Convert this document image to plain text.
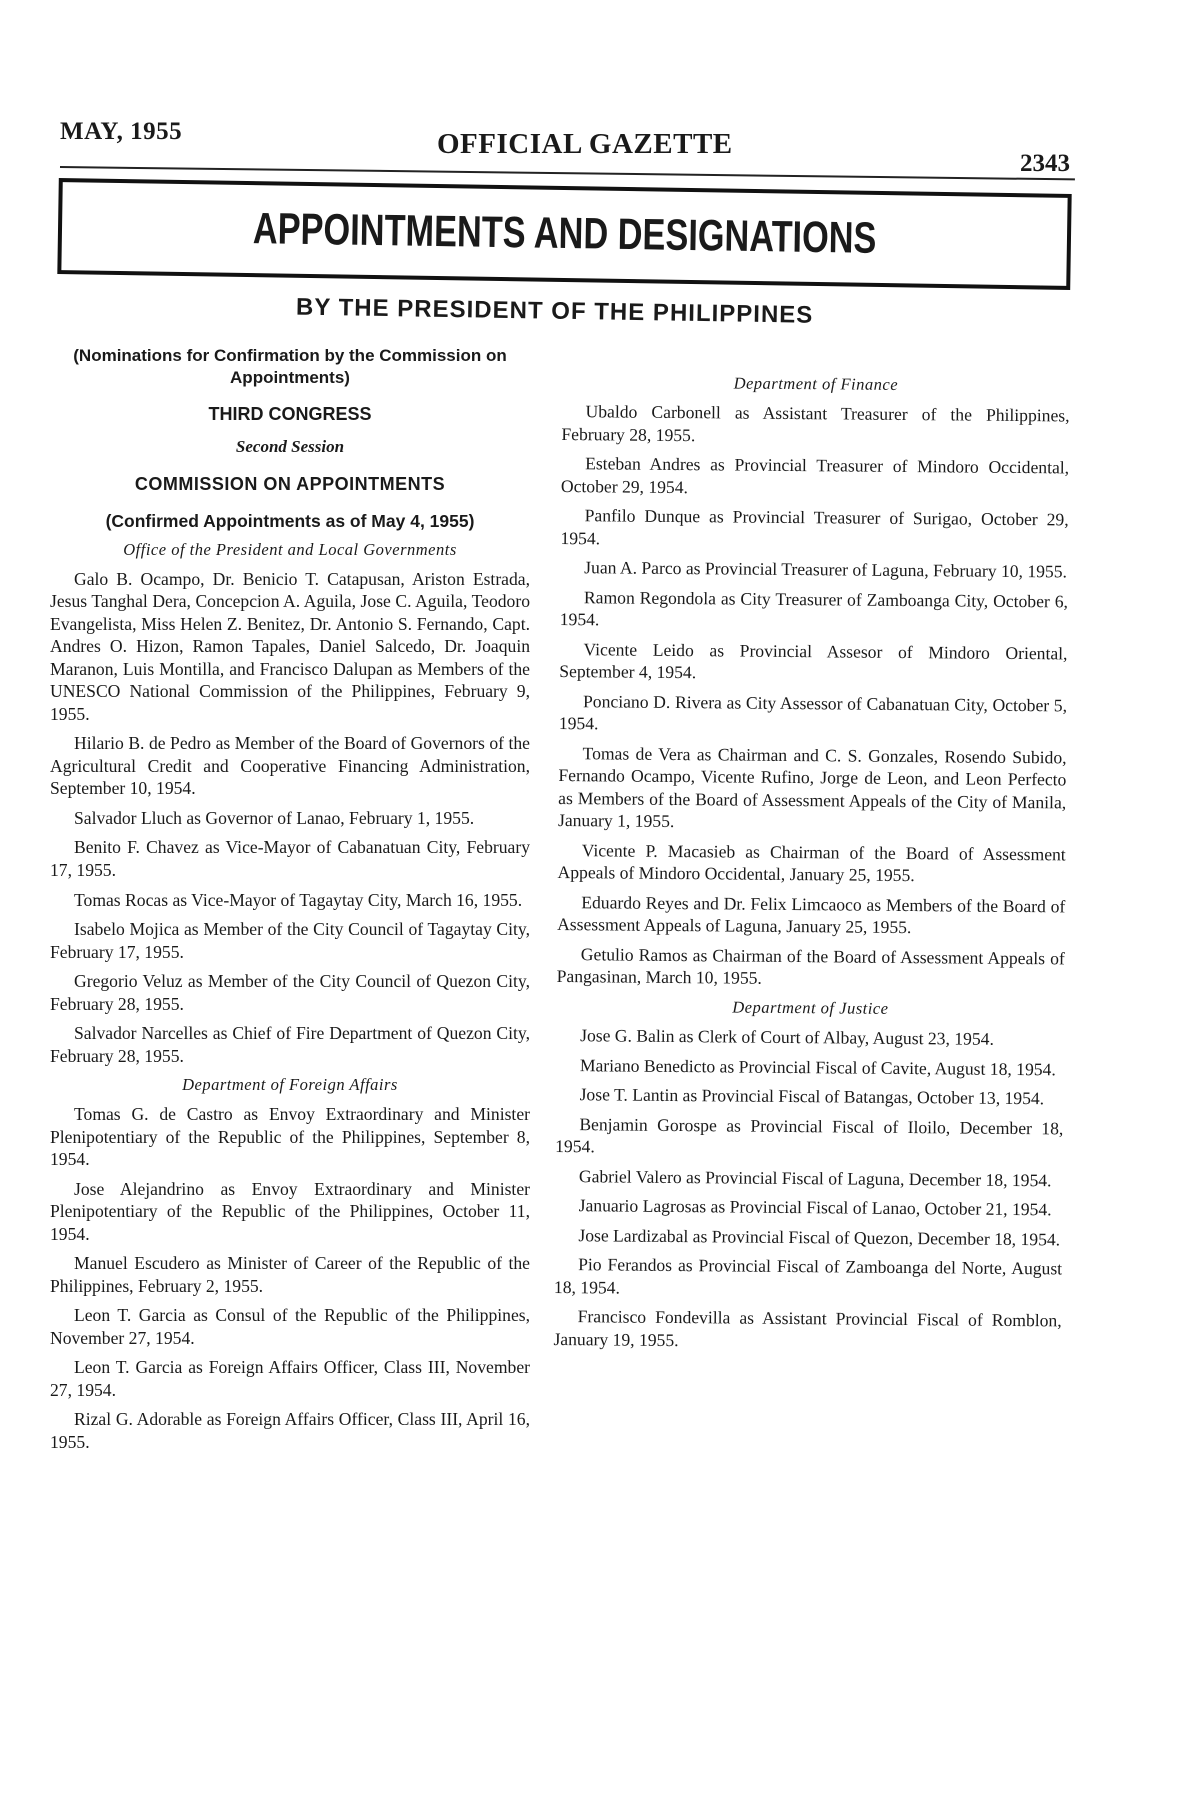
MAY, 1955	OFFICIAL GAZETTE
2343
APPOINTMENTS AND DESIGNATIONS
BY THE PRESIDENT OF THE PHILIPPINES
(Nominations for Confirmation by the Commission on Appointments)
THIRD CONGRESS
Second Session
COMMISSION ON APPOINTMENTS
(Confirmed Appointments as of May 4, 1955)
Office of the President and Local Governments

Galo B. Ocampo, Dr. Benicio T. Catapusan, Ariston Estrada, Jesus Tanghal Dera, Concepcion A. Aguila, Jose C. Aguila, Teodoro Evangelista, Miss Helen Z. Benitez, Dr. Antonio S. Fernando, Capt. Andres O. Hizon, Ramon Tapales, Daniel Salcedo, Dr. Joaquin Maranon, Luis Montilla, and Francisco Dalupan as Members of the UNESCO National Commission of the Philippines, February 9, 1955.

Hilario B. de Pedro as Member of the Board of Governors of the Agricultural Credit and Cooperative Financing Administration, September 10, 1954.

Salvador Lluch as Governor of Lanao, February 1, 1955.

Benito F. Chavez as Vice-Mayor of Cabanatuan City, February 17, 1955.

Tomas Rocas as Vice-Mayor of Tagaytay City, March 16, 1955.

Isabelo Mojica as Member of the City Council of Tagaytay City, February 17, 1955.

Gregorio Veluz as Member of the City Council of Quezon City, February 28, 1955.

Salvador Narcelles as Chief of Fire Department of Quezon City, February 28, 1955.

Department of Foreign Affairs

Tomas G. de Castro as Envoy Extraordinary and Minister Plenipotentiary of the Republic of the Philippines, September 8, 1954.

Jose Alejandrino as Envoy Extraordinary and Minister Plenipotentiary of the Republic of the Philippines, October 11, 1954.

Manuel Escudero as Minister of Career of the Republic of the Philippines, February 2, 1955.

Leon T. Garcia as Consul of the Republic of the Philippines, November 27, 1954.

Leon T. Garcia as Foreign Affairs Officer, Class III, November 27, 1954.

Rizal G. Adorable as Foreign Affairs Officer, Class III, April 16, 1955.

Department of Finance

Ubaldo Carbonell as Assistant Treasurer of the Philippines, February 28, 1955.

Esteban Andres as Provincial Treasurer of Mindoro Occidental, October 29, 1954.

Panfilo Dunque as Provincial Treasurer of Surigao, October 29, 1954.

Juan A. Parco as Provincial Treasurer of Laguna, February 10, 1955.

Ramon Regondola as City Treasurer of Zamboanga City, October 6, 1954.

Vicente Leido as Provincial Assesor of Mindoro Oriental, September 4, 1954.

Ponciano D. Rivera as City Assessor of Cabanatuan City, October 5, 1954.

Tomas de Vera as Chairman and C. S. Gonzales, Rosendo Subido, Fernando Ocampo, Vicente Rufino, Jorge de Leon, and Leon Perfecto as Members of the Board of Assessment Appeals of the City of Manila, January 1, 1955.

Vicente P. Macasieb as Chairman of the Board of Assessment Appeals of Mindoro Occidental, January 25, 1955.

Eduardo Reyes and Dr. Felix Limcaoco as Members of the Board of Assessment Appeals of Laguna, January 25, 1955.

Getulio Ramos as Chairman of the Board of Assessment Appeals of Pangasinan, March 10, 1955.

Department of Justice

Jose G. Balin as Clerk of Court of Albay, August 23, 1954.

Mariano Benedicto as Provincial Fiscal of Cavite, August 18, 1954.

Jose T. Lantin as Provincial Fiscal of Batangas, October 13, 1954.

Benjamin Gorospe as Provincial Fiscal of Iloilo, December 18, 1954.

Gabriel Valero as Provincial Fiscal of Laguna, December 18, 1954.

Januario Lagrosas as Provincial Fiscal of Lanao, October 21, 1954.

Jose Lardizabal as Provincial Fiscal of Quezon, December 18, 1954.

Pio Ferandos as Provincial Fiscal of Zamboanga del Norte, August 18, 1954.

Francisco Fondevilla as Assistant Provincial Fiscal of Romblon, January 19, 1955.
